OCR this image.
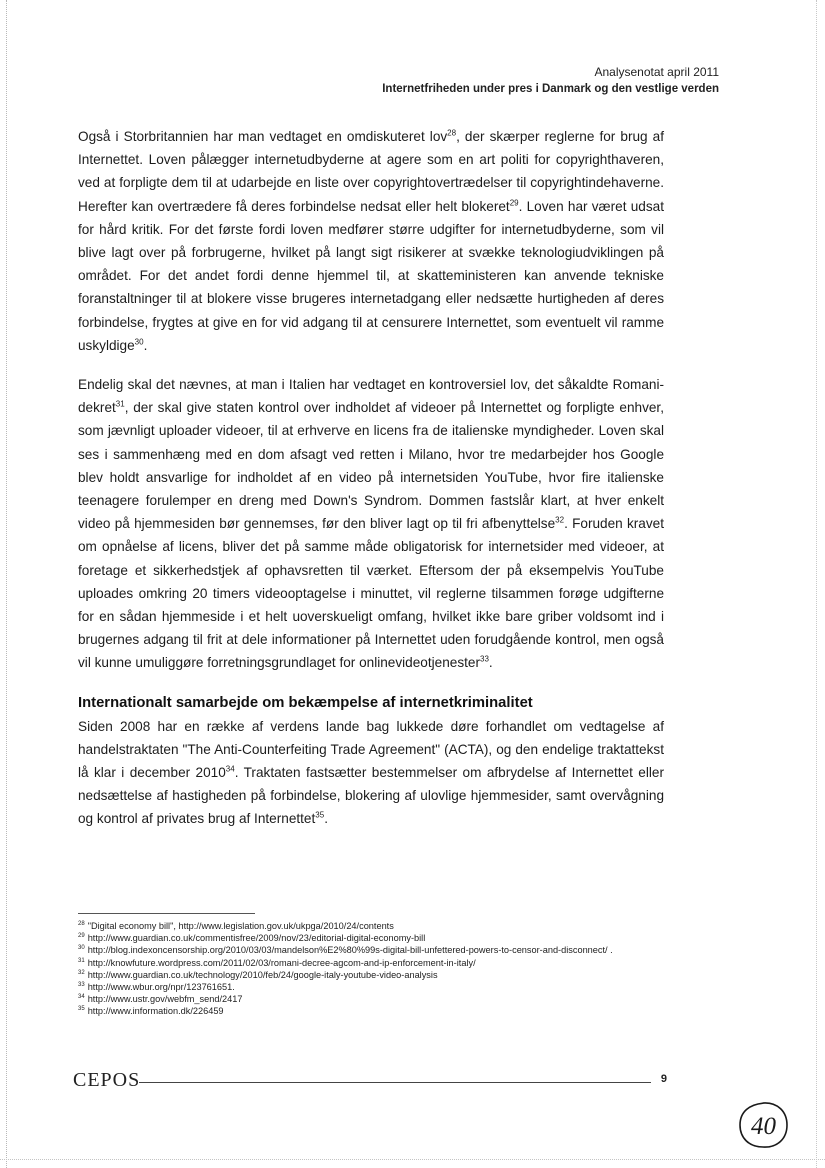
Analysenotat april 2011
Internetfriheden under pres i Danmark og den vestlige verden

Også i Storbritannien har man vedtaget en omdiskuteret lov$^{28}$, der skærper reglerne for brug af Internettet. Loven pålægger internetudbyderne at agere som en art politi for copyrighthaveren, ved at forpligte dem til at udarbejde en liste over copyrightovertrædelser til copyrightindehaverne. Herefter kan overtrædere få deres forbindelse nedsat eller helt blokeret$^{29}$. Loven har været udsat for hård kritik. For det første fordi loven medfører større udgifter for internetudbyderne, som vil blive lagt over på forbrugerne, hvilket på langt sigt risikerer at svække teknologiudviklingen på området. For det andet fordi denne hjemmel til, at skatteministeren kan anvende tekniske foranstaltninger til at blokere visse brugeres internetadgang eller nedsætte hurtigheden af deres forbindelse, frygtes at give en for vid adgang til at censurere Internettet, som eventuelt vil ramme uskyldige$^{30}$.

Endelig skal det nævnes, at man i Italien har vedtaget en kontroversiel lov, det såkaldte Romani-dekret$^{31}$, der skal give staten kontrol over indholdet af videoer på Internettet og forpligte enhver, som jævnligt uploader videoer, til at erhverve en licens fra de italienske myndigheder. Loven skal ses i sammenhæng med en dom afsagt ved retten i Milano, hvor tre medarbejder hos Google blev holdt ansvarlige for indholdet af en video på internetsiden YouTube, hvor fire italienske teenagere forulemper en dreng med Down's Syndrom. Dommen fastslår klart, at hver enkelt video på hjemmesiden bør gennemses, før den bliver lagt op til fri afbenyttelse$^{32}$. Foruden kravet om opnåelse af licens, bliver det på samme måde obligatorisk for internetsider med videoer, at foretage et sikkerhedstjek af ophavsretten til værket. Eftersom der på eksempelvis YouTube uploades omkring 20 timers videooptagelse i minuttet, vil reglerne tilsammen forøge udgifterne for en sådan hjemmeside i et helt uoverskueligt omfang, hvilket ikke bare griber voldsomt ind i brugernes adgang til frit at dele informationer på Internettet uden forudgående kontrol, men også vil kunne umuliggøre forretningsgrundlaget for onlinevideotjenester$^{33}$.

Internationalt samarbejde om bekæmpelse af internetkriminalitet

Siden 2008 har en række af verdens lande bag lukkede døre forhandlet om vedtagelse af handelstraktaten "The Anti-Counterfeiting Trade Agreement" (ACTA), og den endelige traktattekst lå klar i december 2010$^{34}$. Traktaten fastsætter bestemmelser om afbrydelse af Internettet eller nedsættelse af hastigheden på forbindelse, blokering af ulovlige hjemmesider, samt overvågning og kontrol af privates brug af Internettet$^{35}$.

$^{28}$ "Digital economy bill", http://www.legislation.gov.uk/ukpga/2010/24/contents
$^{29}$ http://www.guardian.co.uk/commentisfree/2009/nov/23/editorial-digital-economy-bill
$^{30}$ http://blog.indexoncensorship.org/2010/03/03/mandelson%E2%80%99s-digital-bill-unfettered-powers-to-censor-and-disconnect/ .
$^{31}$ http://knowfuture.wordpress.com/2011/02/03/romani-decree-agcom-and-ip-enforcement-in-italy/
$^{32}$ http://www.guardian.co.uk/technology/2010/feb/24/google-italy-youtube-video-analysis
$^{33}$ http://www.wbur.org/npr/123761651.
$^{34}$ http://www.ustr.gov/webfm_send/2417
$^{35}$ http://www.information.dk/226459
CEPOS	9
40
